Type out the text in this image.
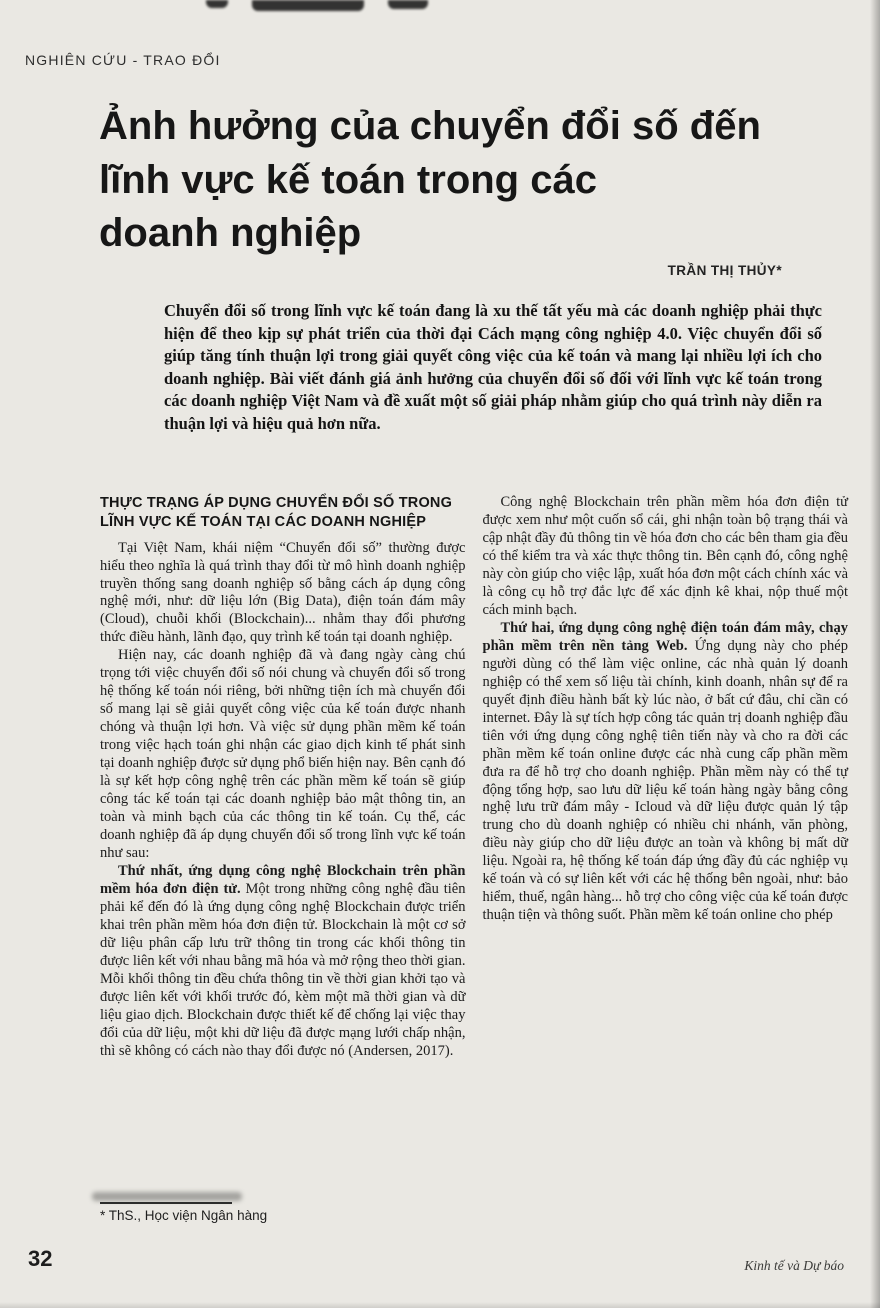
NGHIÊN CỨU - TRAO ĐỔI
Ảnh hưởng của chuyển đổi số đến
lĩnh vực kế toán trong các
doanh nghiệp
TRẦN THỊ THỦY*
Chuyển đổi số trong lĩnh vực kế toán đang là xu thế tất yếu mà các doanh nghiệp phải thực hiện để theo kịp sự phát triển của thời đại Cách mạng công nghiệp 4.0. Việc chuyển đổi số giúp tăng tính thuận lợi trong giải quyết công việc của kế toán và mang lại nhiều lợi ích cho doanh nghiệp. Bài viết đánh giá ảnh hưởng của chuyển đổi số đối với lĩnh vực kế toán trong các doanh nghiệp Việt Nam và đề xuất một số giải pháp nhằm giúp cho quá trình này diễn ra thuận lợi và hiệu quả hơn nữa.
THỰC TRẠNG ÁP DỤNG CHUYỂN ĐỔI SỐ TRONG LĨNH VỰC KẾ TOÁN TẠI CÁC DOANH NGHIỆP

Tại Việt Nam, khái niệm “Chuyển đổi số” thường được hiểu theo nghĩa là quá trình thay đổi từ mô hình doanh nghiệp truyền thống sang doanh nghiệp số bằng cách áp dụng công nghệ mới, như: dữ liệu lớn (Big Data), điện toán đám mây (Cloud), chuỗi khối (Blockchain)... nhằm thay đổi phương thức điều hành, lãnh đạo, quy trình kế toán tại doanh nghiệp.

Hiện nay, các doanh nghiệp đã và đang ngày càng chú trọng tới việc chuyển đổi số nói chung và chuyển đổi số trong hệ thống kế toán nói riêng, bởi những tiện ích mà chuyển đổi số mang lại sẽ giải quyết công việc của kế toán được nhanh chóng và thuận lợi hơn. Và việc sử dụng phần mềm kế toán trong việc hạch toán ghi nhận các giao dịch kinh tế phát sinh tại doanh nghiệp được sử dụng phổ biến hiện nay. Bên cạnh đó là sự kết hợp công nghệ trên các phần mềm kế toán sẽ giúp công tác kế toán tại các doanh nghiệp bảo mật thông tin, an toàn và minh bạch của các thông tin kế toán. Cụ thể, các doanh nghiệp đã áp dụng chuyển đổi số trong lĩnh vực kế toán như sau:

Thứ nhất, ứng dụng công nghệ Blockchain trên phần mềm hóa đơn điện tử. Một trong những công nghệ đầu tiên phải kể đến đó là ứng dụng công nghệ Blockchain được triển khai trên phần mềm hóa đơn điện tử. Blockchain là một cơ sở dữ liệu phân cấp lưu trữ thông tin trong các khối thông tin được liên kết với nhau bằng mã hóa và mở rộng theo thời gian. Mỗi khối thông tin đều chứa thông tin về thời gian khởi tạo và được liên kết với khối trước đó, kèm một mã thời gian và dữ liệu giao dịch. Blockchain được thiết kế để chống lại việc thay đổi của dữ liệu, một khi dữ liệu đã được mạng lưới chấp nhận, thì sẽ không có cách nào thay đổi được nó (Andersen, 2017).

Công nghệ Blockchain trên phần mềm hóa đơn điện tử được xem như một cuốn sổ cái, ghi nhận toàn bộ trạng thái và cập nhật đầy đủ thông tin về hóa đơn cho các bên tham gia đều có thể kiểm tra và xác thực thông tin. Bên cạnh đó, công nghệ này còn giúp cho việc lập, xuất hóa đơn một cách chính xác và là công cụ hỗ trợ đắc lực để xác định kê khai, nộp thuế một cách minh bạch.

Thứ hai, ứng dụng công nghệ điện toán đám mây, chạy phần mềm trên nền tảng Web. Ứng dụng này cho phép người dùng có thể làm việc online, các nhà quản lý doanh nghiệp có thể xem số liệu tài chính, kinh doanh, nhân sự để ra quyết định điều hành bất kỳ lúc nào, ở bất cứ đâu, chỉ cần có internet. Đây là sự tích hợp công tác quản trị doanh nghiệp đầu tiên với ứng dụng công nghệ tiên tiến này và cho ra đời các phần mềm kế toán online được các nhà cung cấp phần mềm đưa ra để hỗ trợ cho doanh nghiệp. Phần mềm này có thể tự động tổng hợp, sao lưu dữ liệu kế toán hàng ngày bằng công nghệ lưu trữ đám mây - Icloud và dữ liệu được quản lý tập trung cho dù doanh nghiệp có nhiều chi nhánh, văn phòng, điều này giúp cho dữ liệu được an toàn và không bị mất dữ liệu. Ngoài ra, hệ thống kế toán đáp ứng đầy đủ các nghiệp vụ kế toán và có sự liên kết với các hệ thống bên ngoài, như: bảo hiểm, thuế, ngân hàng... hỗ trợ cho công việc của kế toán được thuận tiện và thông suốt. Phần mềm kế toán online cho phép

* ThS., Học viện Ngân hàng
32	Kinh tế và Dự báo
